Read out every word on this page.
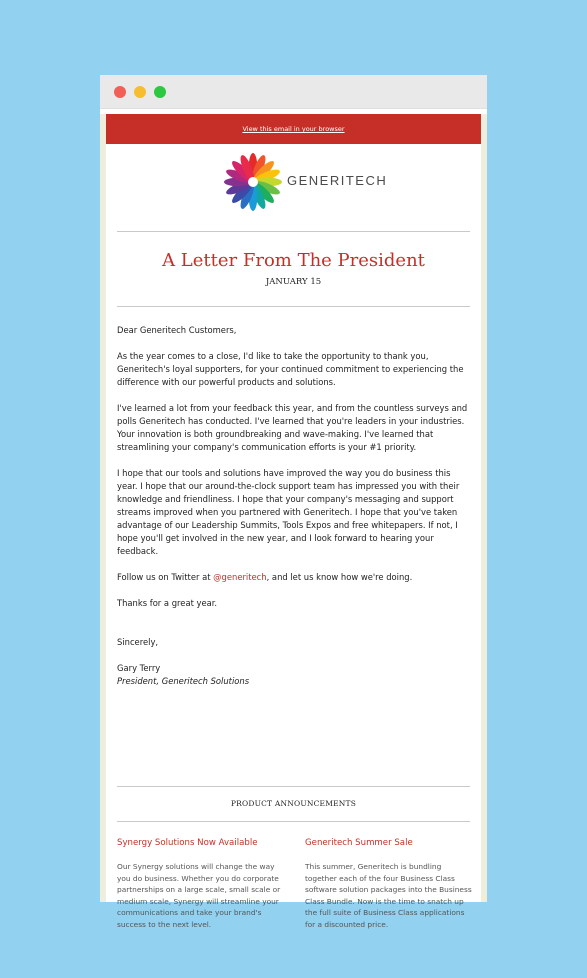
View this email in your browser
GENERITECH
A Letter From The President
JANUARY 15

Dear Generitech Customers,

As the year comes to a close, I'd like to take the opportunity to thank you, Generitech's loyal supporters, for your continued commitment to experiencing the difference with our powerful products and solutions.

I've learned a lot from your feedback this year, and from the countless surveys and polls Generitech has conducted. I've learned that you're leaders in your industries. Your innovation is both groundbreaking and wave-making. I've learned that streamlining your company's communication efforts is your #1 priority.

I hope that our tools and solutions have improved the way you do business this year. I hope that our around-the-clock support team has impressed you with their knowledge and friendliness. I hope that your company's messaging and support streams improved when you partnered with Generitech. I hope that you've taken advantage of our Leadership Summits, Tools Expos and free whitepapers. If not, I hope you'll get involved in the new year, and I look forward to hearing your feedback.

Follow us on Twitter at @generitech, and let us know how we're doing.

Thanks for a great year.

Sincerely,

Gary Terry

President, Generitech Solutions

PRODUCT ANNOUNCEMENTS
Synergy Solutions Now Available

Our Synergy solutions will change the way you do business. Whether you do corporate partnerships on a large scale, small scale or medium scale, Synergy will streamline your communications and take your brand's success to the next level.

Generitech Summer Sale

This summer, Generitech is bundling together each of the four Business Class software solution packages into the Business Class Bundle. Now is the time to snatch up the full suite of Business Class applications for a discounted price.
